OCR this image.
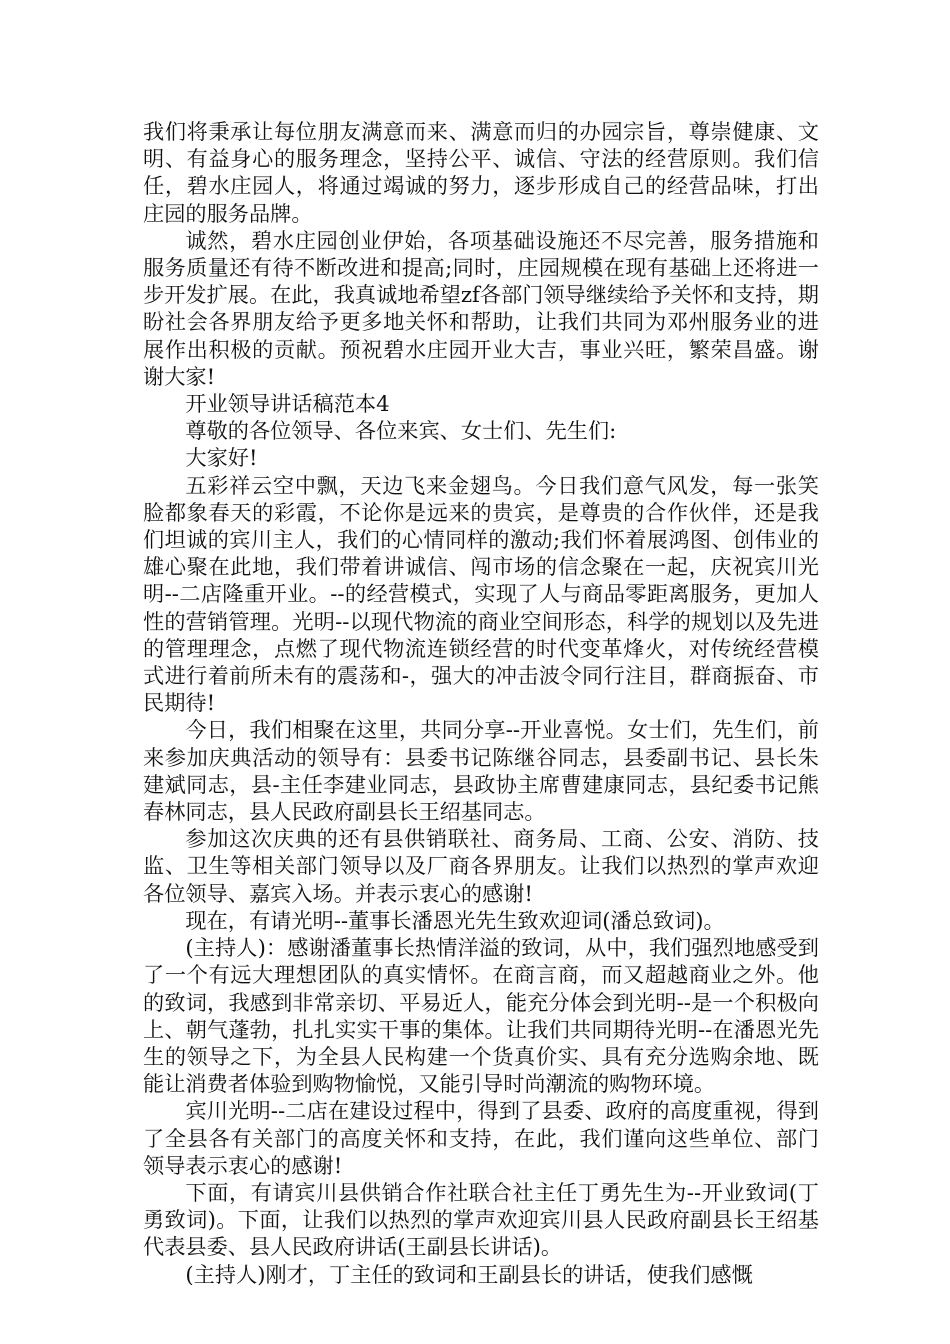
我们将秉承让每位朋友满意而来、满意而归的办园宗旨，尊崇健康、文明、有益身心的服务理念，坚持公平、诚信、守法的经营原则。我们信任，碧水庄园人，将通过竭诚的努力，逐步形成自己的经营品味，打出庄园的服务品牌。

诚然，碧水庄园创业伊始，各项基础设施还不尽完善，服务措施和服务质量还有待不断改进和提高;同时，庄园规模在现有基础上还将进一步开发扩展。在此，我真诚地希望zf各部门领导继续给予关怀和支持，期盼社会各界朋友给予更多地关怀和帮助，让我们共同为邓州服务业的进展作出积极的贡献。预祝碧水庄园开业大吉，事业兴旺，繁荣昌盛。谢谢大家!

开业领导讲话稿范本4

尊敬的各位领导、各位来宾、女士们、先生们:

大家好!

五彩祥云空中飘，天边飞来金翅鸟。今日我们意气风发，每一张笑脸都象春天的彩霞，不论你是远来的贵宾，是尊贵的合作伙伴，还是我们坦诚的宾川主人，我们的心情同样的激动;我们怀着展鸿图、创伟业的雄心聚在此地，我们带着讲诚信、闯市场的信念聚在一起，庆祝宾川光明--二店隆重开业。--的经营模式，实现了人与商品零距离服务，更加人性的营销管理。光明--以现代物流的商业空间形态，科学的规划以及先进的管理理念，点燃了现代物流连锁经营的时代变革烽火，对传统经营模式进行着前所未有的震荡和-，强大的冲击波令同行注目，群商振奋、市民期待!

今日，我们相聚在这里，共同分享--开业喜悦。女士们，先生们，前来参加庆典活动的领导有：县委书记陈继谷同志，县委副书记、县长朱建斌同志，县-主任李建业同志，县政协主席曹建康同志，县纪委书记熊春林同志，县人民政府副县长王绍基同志。

参加这次庆典的还有县供销联社、商务局、工商、公安、消防、技监、卫生等相关部门领导以及厂商各界朋友。让我们以热烈的掌声欢迎各位领导、嘉宾入场。并表示衷心的感谢!

现在，有请光明--董事长潘恩光先生致欢迎词(潘总致词)。

(主持人)：感谢潘董事长热情洋溢的致词，从中，我们强烈地感受到了一个有远大理想团队的真实情怀。在商言商，而又超越商业之外。他的致词，我感到非常亲切、平易近人，能充分体会到光明--是一个积极向上、朝气蓬勃，扎扎实实干事的集体。让我们共同期待光明--在潘恩光先生的领导之下，为全县人民构建一个货真价实、具有充分选购余地、既能让消费者体验到购物愉悦，又能引导时尚潮流的购物环境。

宾川光明--二店在建设过程中，得到了县委、政府的高度重视，得到了全县各有关部门的高度关怀和支持，在此，我们谨向这些单位、部门领导表示衷心的感谢!

下面，有请宾川县供销合作社联合社主任丁勇先生为--开业致词(丁勇致词)。下面，让我们以热烈的掌声欢迎宾川县人民政府副县长王绍基代表县委、县人民政府讲话(王副县长讲话)。

(主持人)刚才，丁主任的致词和王副县长的讲话，使我们感慨
